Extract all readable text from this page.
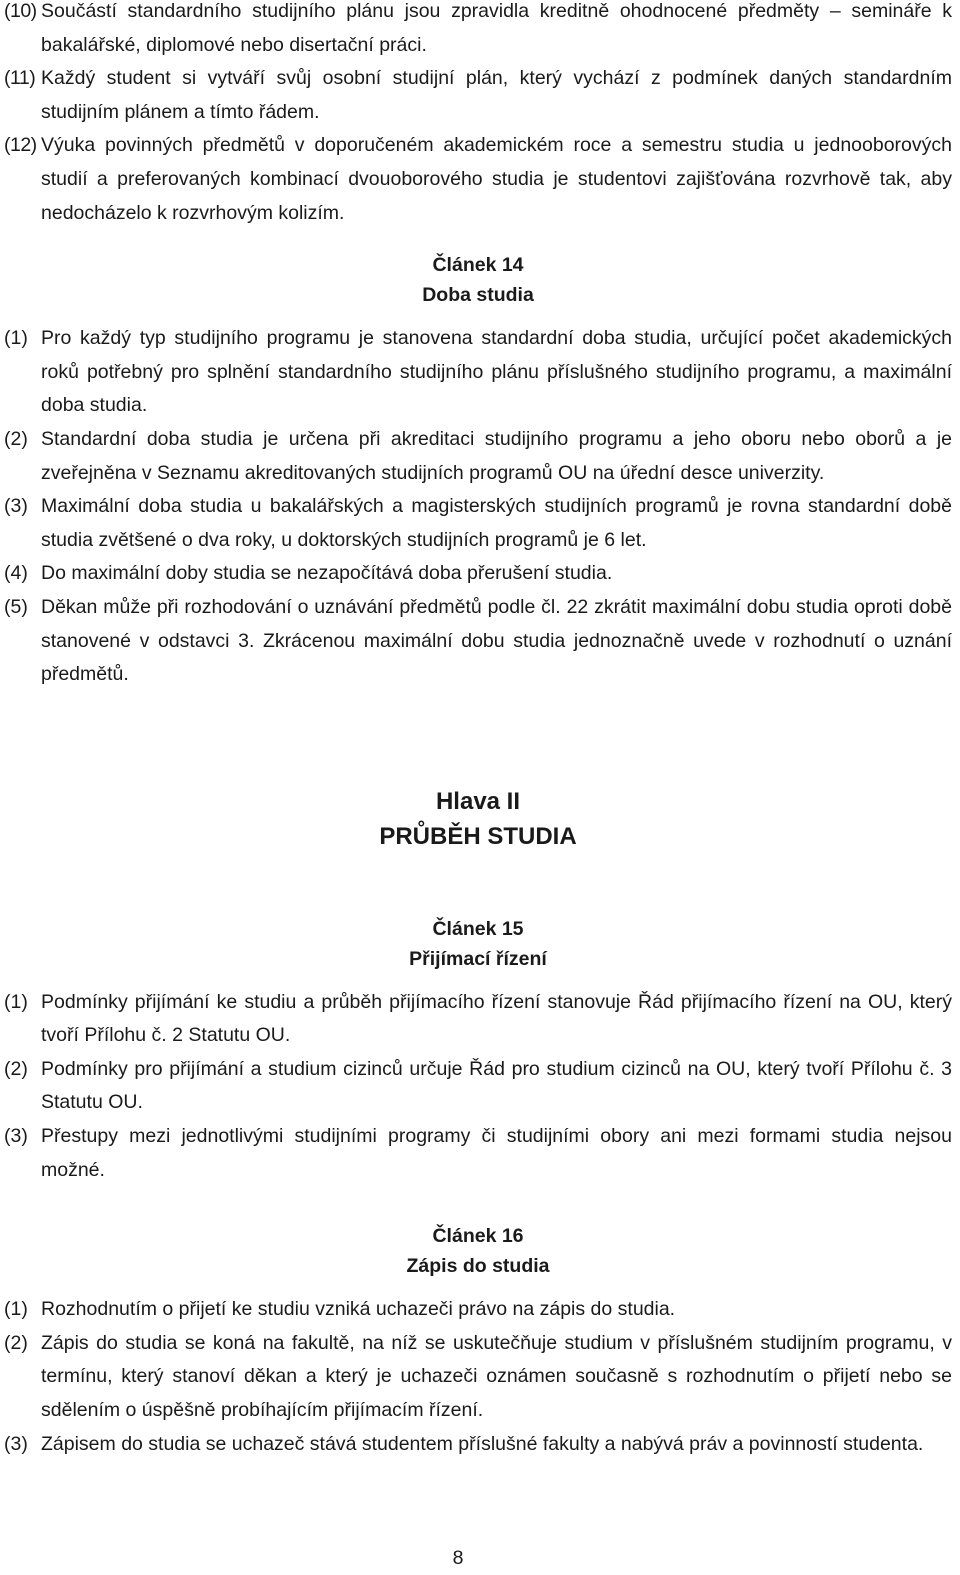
(10) Součástí standardního studijního plánu jsou zpravidla kreditně ohodnocené předměty – semináře k bakalářské, diplomové nebo disertační práci.
(11) Každý student si vytváří svůj osobní studijní plán, který vychází z podmínek daných standardním studijním plánem a tímto řádem.
(12) Výuka povinných předmětů v doporučeném akademickém roce a semestru studia u jednooborových studií a preferovaných kombinací dvouoborového studia je studentovi zajišťována rozvrhově tak, aby nedocházelo k rozvrhovým kolizím.
Článek 14
Doba studia
(1) Pro každý typ studijního programu je stanovena standardní doba studia, určující počet akademických roků potřebný pro splnění standardního studijního plánu příslušného studijního programu, a maximální doba studia.
(2) Standardní doba studia je určena při akreditaci studijního programu a jeho oboru nebo oborů a je zveřejněna v Seznamu akreditovaných studijních programů OU na úřední desce univerzity.
(3) Maximální doba studia u bakalářských a magisterských studijních programů je rovna standardní době studia zvětšené o dva roky, u doktorských studijních programů je 6 let.
(4) Do maximální doby studia se nezapočítává doba přerušení studia.
(5) Děkan může při rozhodování o uznávání předmětů podle čl. 22 zkrátit maximální dobu studia oproti době stanovené v odstavci 3. Zkrácenou maximální dobu studia jednoznačně uvede v rozhodnutí o uznání předmětů.
Hlava II
PRŮBĚH STUDIA
Článek 15
Přijímací řízení
(1) Podmínky přijímání ke studiu a průběh přijímacího řízení stanovuje Řád přijímacího řízení na OU, který tvoří Přílohu č. 2 Statutu OU.
(2) Podmínky pro přijímání a studium cizinců určuje Řád pro studium cizinců na OU, který tvoří Přílohu č. 3 Statutu OU.
(3) Přestupy mezi jednotlivými studijními programy či studijními obory ani mezi formami studia nejsou možné.
Článek 16
Zápis do studia
(1) Rozhodnutím o přijetí ke studiu vzniká uchazeči právo na zápis do studia.
(2) Zápis do studia se koná na fakultě, na níž se uskutečňuje studium v příslušném studijním programu, v termínu, který stanoví děkan a který je uchazeči oznámen současně s rozhodnutím o přijetí nebo se sdělením o úspěšně probíhajícím přijímacím řízení.
(3) Zápisem do studia se uchazeč stává studentem příslušné fakulty a nabývá práv a povinností studenta.
8
